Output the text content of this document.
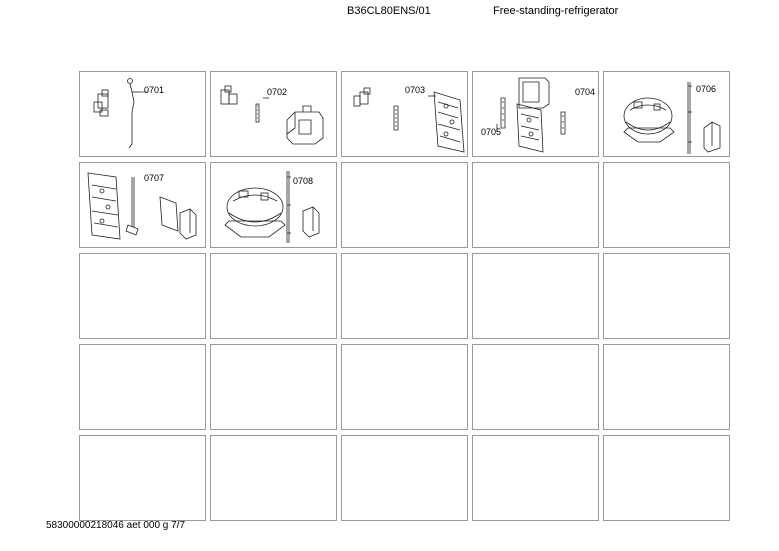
B36CL80ENS/01	Free-standing-refrigerator
0701	0702	0703	0704
0705
0706
0707	0708
58300000218046 aet 000 g 7/7
